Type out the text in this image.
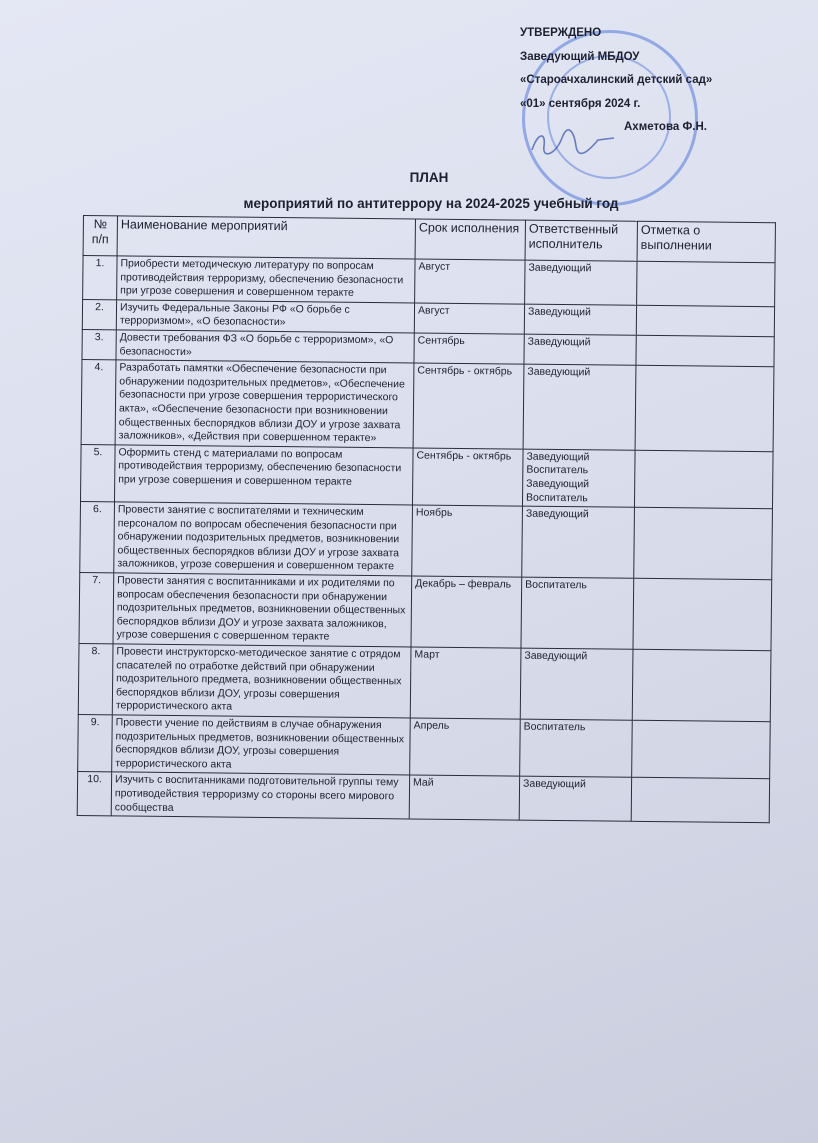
УТВЕРЖДЕНО
Заведующий МБДОУ
«Староачхалинский детский сад»
«01» сентября 2024 г.
Ахметова Ф.Н.
ПЛАН
мероприятий по антитеррору на 2024-2025 учебный год
№ п/п	Наименование мероприятий	Срок исполнения	Ответственный исполнитель	Отметка о выполнении
1.	Приобрести методическую литературу по вопросам противодействия терроризму, обеспечению безопасности при угрозе совершения и совершенном теракте	Август	Заведующий	

2.	Изучить Федеральные Законы РФ «О борьбе с терроризмом», «О безопасности»	Август	Заведующий	

3.	Довести требования ФЗ «О борьбе с терроризмом», «О безопасности»	Сентябрь	Заведующий	

4.	Разработать памятки «Обеспечение безопасности при обнаружении подозрительных предметов», «Обеспечение безопасности при угрозе совершения террористического акта», «Обеспечение безопасности при возникновении общественных беспорядков вблизи ДОУ и угрозе захвата заложников», «Действия при совершенном теракте»	Сентябрь - октябрь	Заведующий	

5.	Оформить стенд с материалами по вопросам противодействия терроризму, обеспечению безопасности при угрозе совершения и совершенном теракте	Сентябрь - октябрь	Заведующий
Воспитатель
Заведующий
Воспитатель	

6.	Провести занятие с воспитателями и техническим персоналом по вопросам обеспечения безопасности при обнаружении подозрительных предметов, возникновении общественных беспорядков вблизи ДОУ и угрозе захвата заложников, угрозе совершения и совершенном теракте	Ноябрь	Заведующий	

7.	Провести занятия с воспитанниками и их родителями по вопросам обеспечения безопасности при обнаружении подозрительных предметов, возникновении общественных беспорядков вблизи ДОУ и угрозе захвата заложников, угрозе совершения с совершенном теракте	Декабрь – февраль	Воспитатель	

8.	Провести инструкторско-методическое занятие с отрядом спасателей по отработке действий при обнаружении подозрительного предмета, возникновении общественных беспорядков вблизи ДОУ, угрозы совершения террористического акта	Март	Заведующий	

9.	Провести учение по действиям в случае обнаружения подозрительных предметов, возникновении общественных беспорядков вблизи ДОУ, угрозы совершения террористического акта	Апрель	Воспитатель	

10.	Изучить с воспитанниками подготовительной группы тему противодействия терроризму со стороны всего мирового сообщества	Май	Заведующий	
